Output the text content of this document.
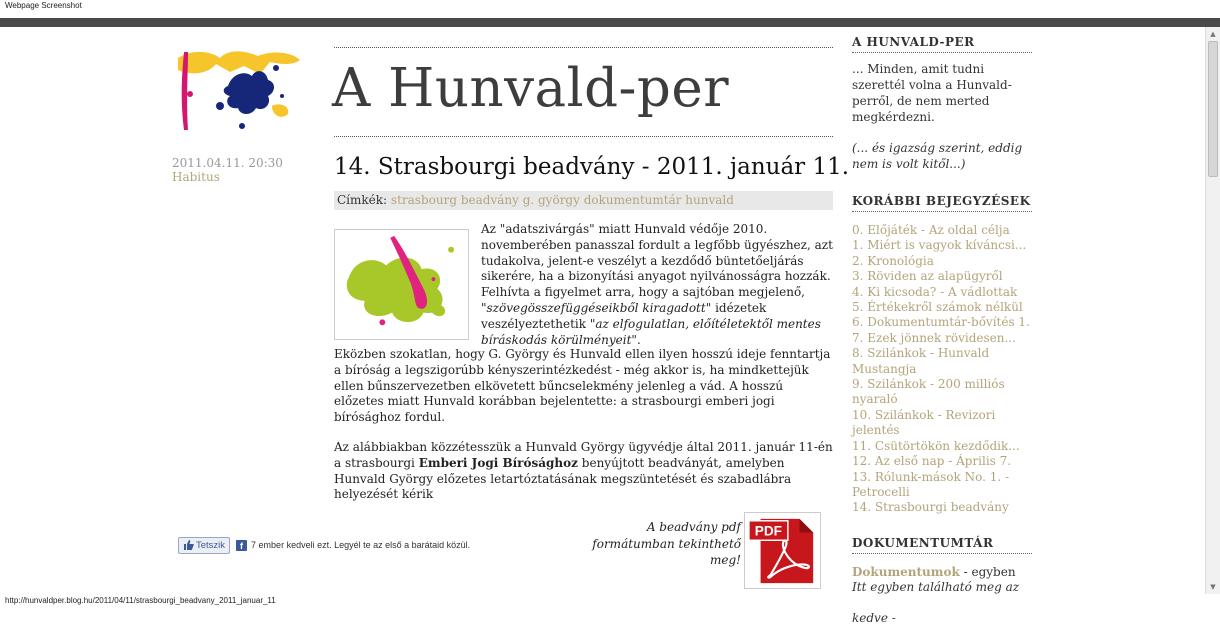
Webpage Screenshot
A Hunvald-per
2011.04.11. 20:30
Habitus	14. Strasbourgi beadvány - 2011. január 11.
Címkék: strasbourg beadvány g. györgy dokumentumtár hunvald

Az "adatszivárgás" miatt Hunvald védője 2010. novemberében panasszal fordult a legfőbb ügyészhez, azt tudakolva, jelent-e veszélyt a kezdődő büntetőeljárás sikerére, ha a bizonyítási anyagot nyilvánosságra hozzák. Felhívta a figyelmet arra, hogy a sajtóban megjelenő, "szövegösszefüggéseikből kiragadott" idézetek veszélyeztethetik "az elfogulatlan, előítéletektől mentes bíráskodás körülményeit".

Eközben szokatlan, hogy G. György és Hunvald ellen ilyen hosszú ideje fenntartja a bíróság a legszigorúbb kényszerintézkedést - még akkor is, ha mindkettejük ellen bűnszervezetben elkövetett bűncselekmény jelenleg a vád. A hosszú előzetes miatt Hunvald korábban bejelentette: a strasbourgi emberi jogi bírósághoz fordul.

Az alábbiakban közzétesszük a Hunvald György ügyvédje által 2011. január 11-én a strasbourgi Emberi Jogi Bírósághoz benyújtott beadványát, amelyben Hunvald György előzetes letartóztatásának megszüntetését és szabadlábra helyezését kérik

Tetszik	f 7 ember kedveli ezt. Legyél te az első a barátaid közül.

A beadvány pdf formátumban tekinthető meg!

PDF
A HUNVALD-PER

... Minden, amit tudni szerettél volna a Hunvald-perről, de nem merted megkérdezni.

(... és igazság szerint, eddig nem is volt kitől...)

KORÁBBI BEJEGYZÉSEK
0. Előjáték - Az oldal célja
1. Miért is vagyok kíváncsi...
2. Kronológia
3. Röviden az alapügyről
4. Ki kicsoda? - A vádlottak
5. Értékekről számok nélkül
6. Dokumentumtár-bővítés 1.
7. Ezek jönnek rövidesen...
8. Szilánkok - Hunvald Mustangja
9. Szilánkok - 200 milliós nyaraló
10. Szilánkok - Revizori jelentés
11. Csütörtökön kezdődik...
12. Az első nap - Április 7.
13. Rólunk-mások No. 1. - Petrocelli
14. Strasbourgi beadvány
DOKUMENTUMTÁR

Dokumentumok - egyben
Itt egyben található meg az kedve -

▲
▼
http://hunvaldper.blog.hu/2011/04/11/strasbourgi_beadvany_2011_januar_11
